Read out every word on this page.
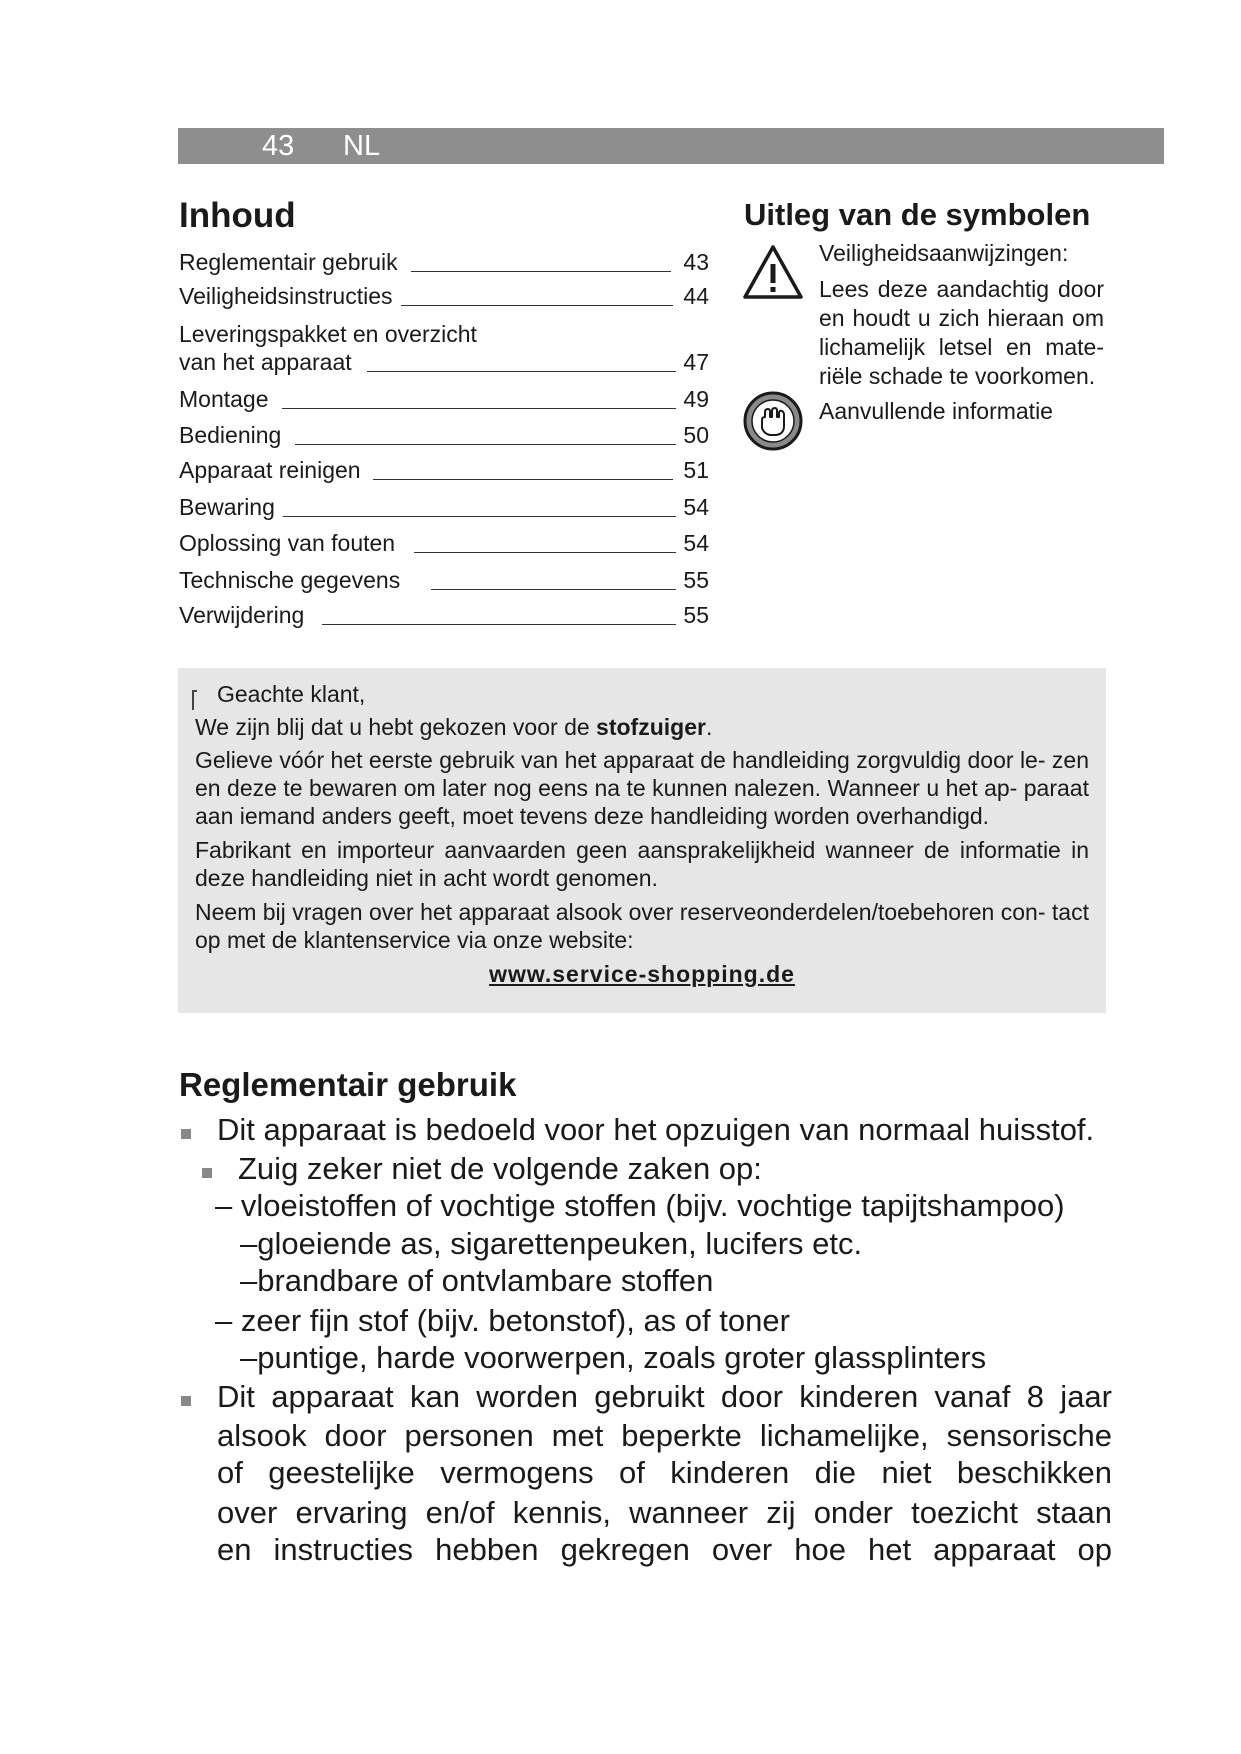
43 NL
Inhoud
Reglementair gebruik	43
Veiligheidsinstructies	44
Leveringspakket en overzicht
van het apparaat	47
Montage	49
Bediening	50
Apparaat reinigen	51
Bewaring	54
Oplossing van fouten	54
Technische gegevens	55
Verwijdering	55
Uitleg van de symbolen
Veiligheidsaanwijzingen:
Lees deze aandachtig door en houdt u zich hieraan om lichamelijk letsel en mate- riële schade te voorkomen.
Aanvullende informatie
Geachte klant,
We zijn blij dat u hebt gekozen voor de stofzuiger.
Gelieve vóór het eerste gebruik van het apparaat de handleiding zorgvuldig door le- zen en deze te bewaren om later nog eens na te kunnen nalezen. Wanneer u het ap- paraat aan iemand anders geeft, moet tevens deze handleiding worden overhandigd.
Fabrikant en importeur aanvaarden geen aansprakelijkheid wanneer de informatie in deze handleiding niet in acht wordt genomen.
Neem bij vragen over het apparaat alsook over reserveonderdelen/toebehoren con- tact op met de klantenservice via onze website:
www.service-shopping.de
Reglementair gebruik
Dit apparaat is bedoeld voor het opzuigen van normaal huisstof.
Zuig zeker niet de volgende zaken op:
– vloeistoffen of vochtige stoffen (bijv. vochtige tapijtshampoo)
–gloeiende as, sigarettenpeuken, lucifers etc.
–brandbare of ontvlambare stoffen
– zeer fijn stof (bijv. betonstof), as of toner
–puntige, harde voorwerpen, zoals groter glassplinters
Dit apparaat kan worden gebruikt door kinderen vanaf 8 jaar
alsook door personen met beperkte lichamelijke, sensorische
of geestelijke vermogens of kinderen die niet beschikken
over ervaring en/of kennis, wanneer zij onder toezicht staan
en instructies hebben gekregen over hoe het apparaat op
